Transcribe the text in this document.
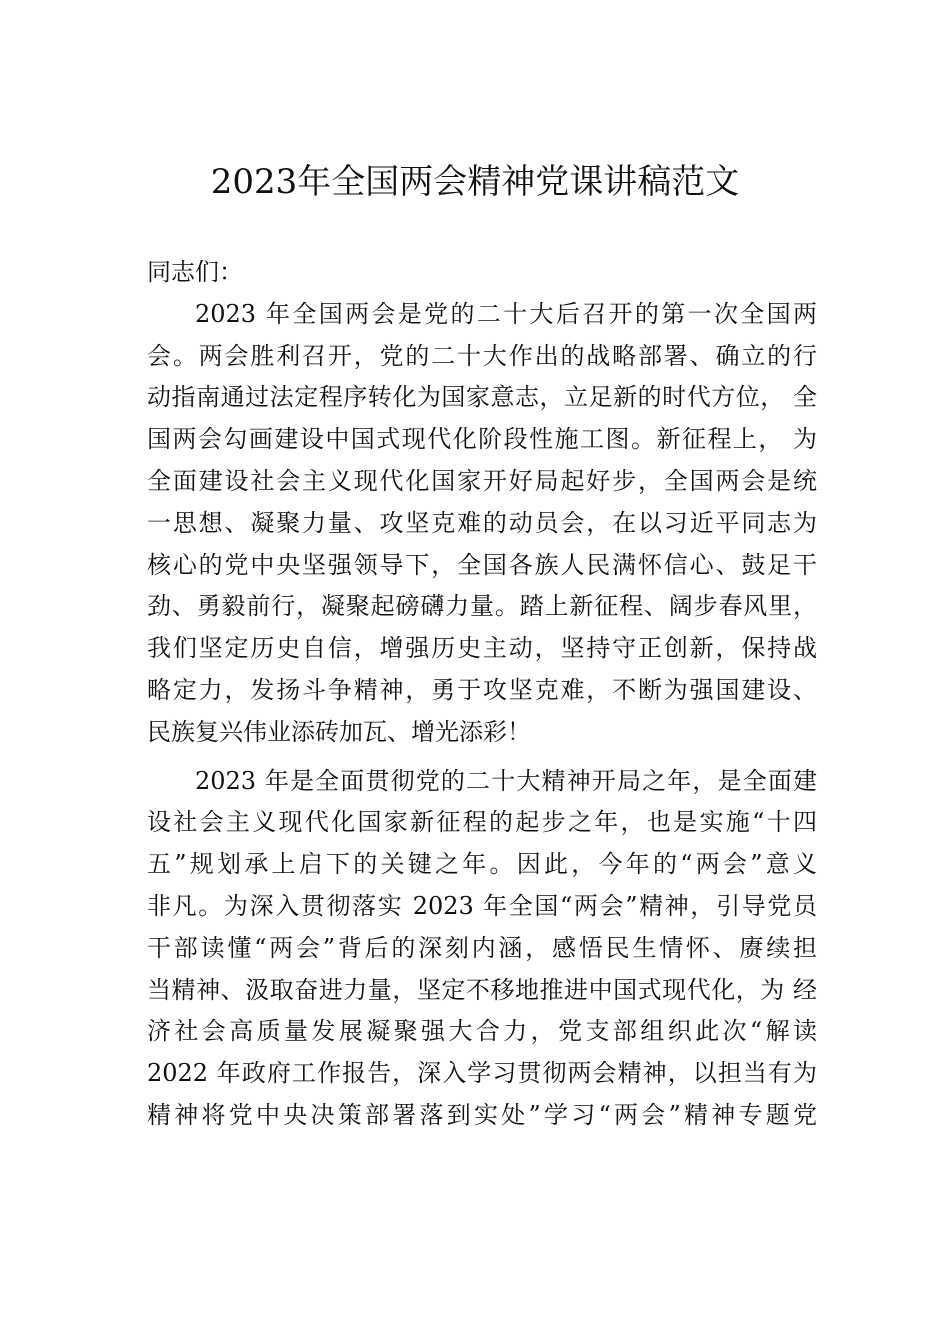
2023年全国两会精神党课讲稿范文
同志们：
2023 年全国两会是党的二十大后召开的第一次全国两
会。两会胜利召开，党的二十大作出的战略部署、确立的行
动指南通过法定程序转化为国家意志，立足新的时代方位， 全
国两会勾画建设中国式现代化阶段性施工图。新征程上， 为
全面建设社会主义现代化国家开好局起好步，全国两会是统
一思想、凝聚力量、攻坚克难的动员会，在以习近平同志为
核心的党中央坚强领导下，全国各族人民满怀信心、鼓足干
劲、勇毅前行，凝聚起磅礴力量。踏上新征程、阔步春风里，
我们坚定历史自信，增强历史主动，坚持守正创新，保持战
略定力，发扬斗争精神，勇于攻坚克难，不断为强国建设、
民族复兴伟业添砖加瓦、增光添彩！
2023 年是全面贯彻党的二十大精神开局之年，是全面建
设社会主义现代化国家新征程的起步之年，也是实施“十四
五”规划承上启下的关键之年。因此，今年的“两会”意义
非凡。为深入贯彻落实 2023 年全国“两会”精神，引导党员
干部读懂“两会”背后的深刻内涵，感悟民生情怀、赓续担
当精神、汲取奋进力量，坚定不移地推进中国式现代化，为 经
济社会高质量发展凝聚强大合力，党支部组织此次“解读
2022 年政府工作报告，深入学习贯彻两会精神，以担当有为
精神将党中央决策部署落到实处”学习“两会”精神专题党
